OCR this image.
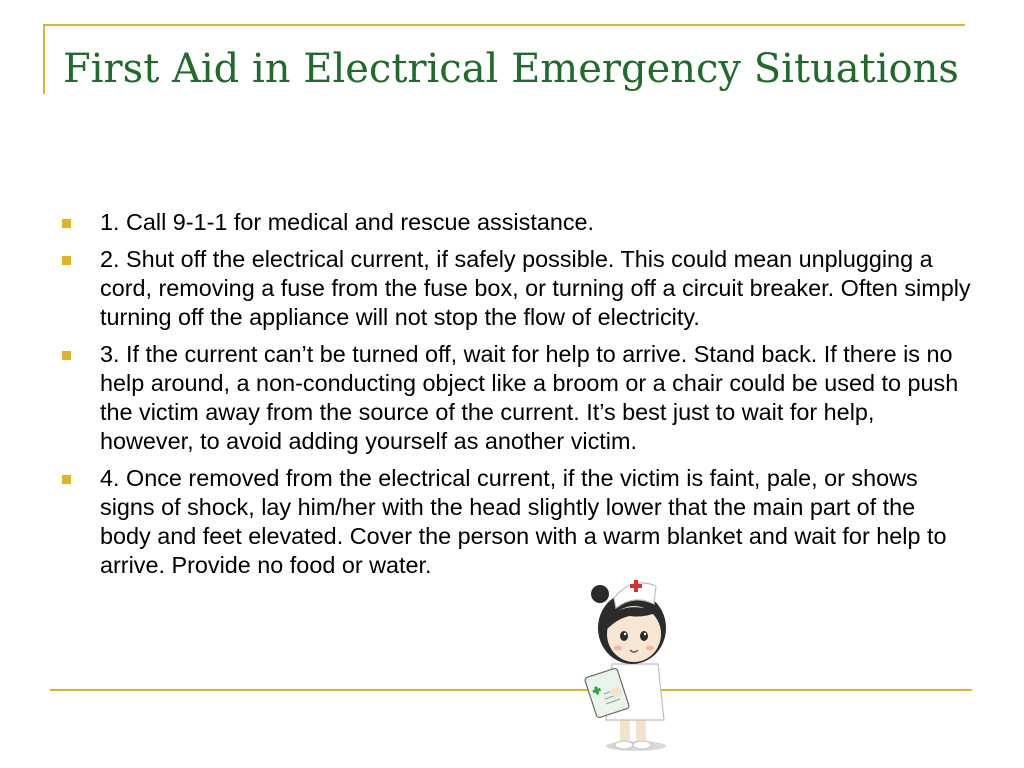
First Aid in Electrical Emergency Situations
1. Call 9-1-1 for medical and rescue assistance.
2. Shut off the electrical current, if safely possible. This could mean unplugging a cord, removing a fuse from the fuse box, or turning off a circuit breaker. Often simply turning off the appliance will not stop the flow of electricity.
3. If the current can’t be turned off, wait for help to arrive. Stand back. If there is no help around, a non-conducting object like a broom or a chair could be used to push the victim away from the source of the current. It’s best just to wait for help, however, to avoid adding yourself as another victim.
4. Once removed from the electrical current, if the victim is faint, pale, or shows signs of shock, lay him/her with the head slightly lower that the main part of the body and feet elevated. Cover the person with a warm blanket and wait for help to arrive. Provide no food or water.
